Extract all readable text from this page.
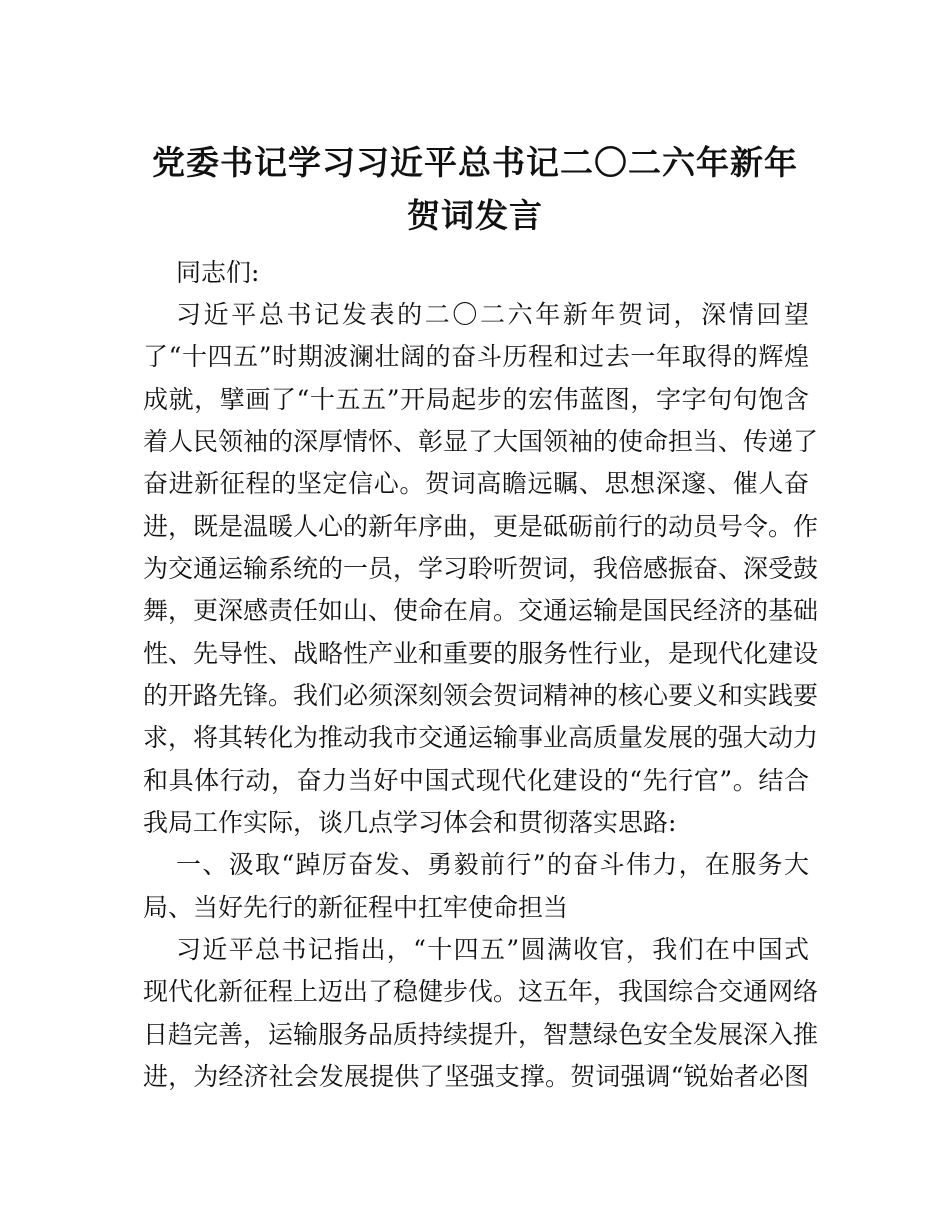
党委书记学习习近平总书记二〇二六年新年
贺词发言
同志们:
习近平总书记发表的二〇二六年新年贺词，深情回望
了“十四五”时期波澜壮阔的奋斗历程和过去一年取得的辉煌
成就，擘画了“十五五”开局起步的宏伟蓝图，字字句句饱含
着人民领袖的深厚情怀、彰显了大国领袖的使命担当、传递了
奋进新征程的坚定信心。贺词高瞻远瞩、思想深邃、催人奋
进，既是温暖人心的新年序曲，更是砥砺前行的动员号令。作
为交通运输系统的一员，学习聆听贺词，我倍感振奋、深受鼓
舞，更深感责任如山、使命在肩。交通运输是国民经济的基础
性、先导性、战略性产业和重要的服务性行业，是现代化建设
的开路先锋。我们必须深刻领会贺词精神的核心要义和实践要
求，将其转化为推动我市交通运输事业高质量发展的强大动力
和具体行动，奋力当好中国式现代化建设的“先行官”。结合
我局工作实际，谈几点学习体会和贯彻落实思路:
一、汲取“踔厉奋发、勇毅前行”的奋斗伟力，在服务大
局、当好先行的新征程中扛牢使命担当
习近平总书记指出，“十四五”圆满收官，我们在中国式
现代化新征程上迈出了稳健步伐。这五年，我国综合交通网络
日趋完善，运输服务品质持续提升，智慧绿色安全发展深入推
进，为经济社会发展提供了坚强支撑。贺词强调“锐始者必图
